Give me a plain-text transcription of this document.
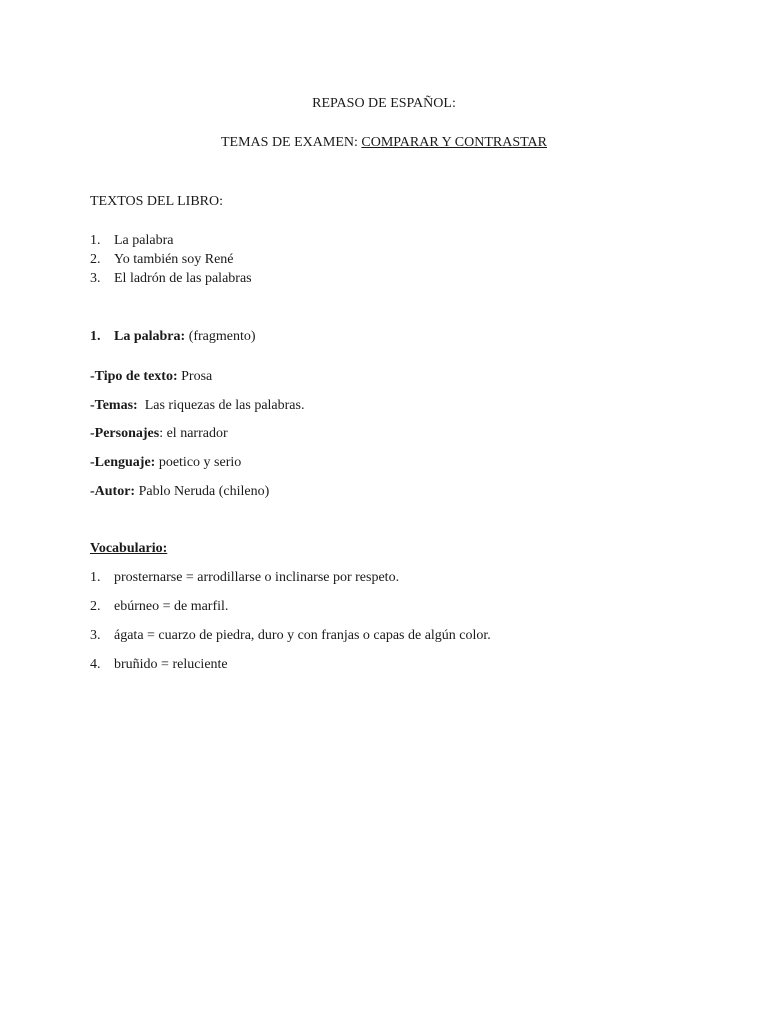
REPASO DE ESPAÑOL:
TEMAS DE EXAMEN: COMPARAR Y CONTRASTAR
TEXTOS DEL LIBRO:
1. La palabra
2. Yo también soy René
3. El ladrón de las palabras
1. La palabra: (fragmento)
-Tipo de texto: Prosa
-Temas:  Las riquezas de las palabras.
-Personajes: el narrador
-Lenguaje: poetico y serio
-Autor: Pablo Neruda (chileno)
Vocabulario:
1. prosternarse = arrodillarse o inclinarse por respeto.
2. ebúrneo = de marfil.
3. ágata = cuarzo de piedra, duro y con franjas o capas de algún color.
4. bruñido = reluciente
